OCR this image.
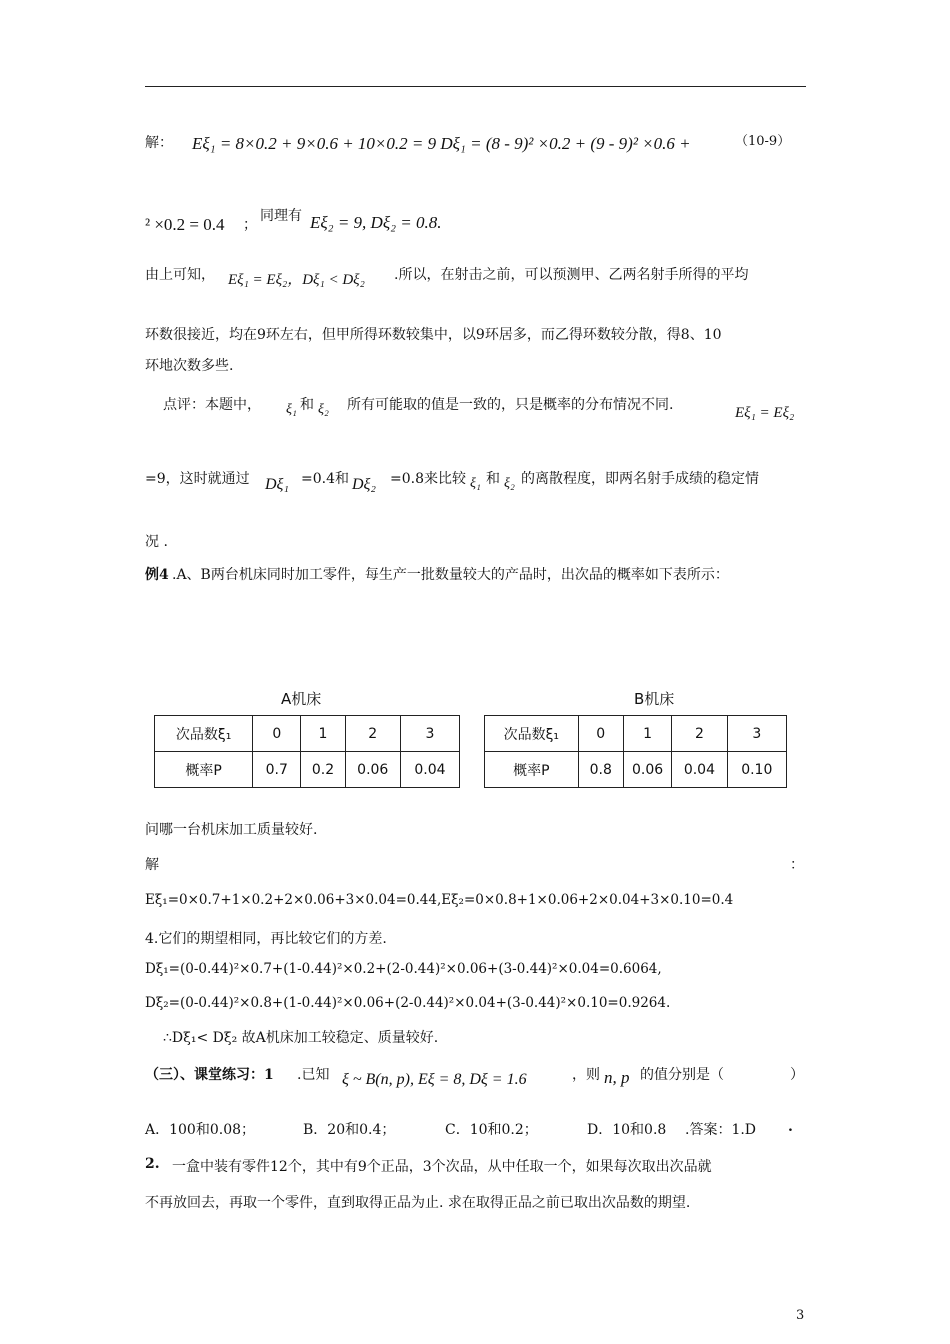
解： Eξ₁ = 8×0.2 + 9×0.6 + 10×0.2 = 9 Dξ₁ = (8 - 9)² ×0.2 + (9 - 9)² ×0.6 +	（10-9）
² ×0.2 = 0.4 ；
同理有 Eξ₂ = 9, Dξ₂ = 0.8.
由上可知， Eξ₁ = Eξ₂，Dξ₁ < Dξ₂ .所以，在射击之前，可以预测甲、乙两名射手所得的平均
环数很接近，均在9环左右，但甲所得环数较集中，以9环居多，而乙得环数较分散，得8、10
环地次数多些.
点评：本题中， ξ₁ 和 ξ₂ 所有可能取的值是一致的，只是概率的分布情况不同.	Eξ₁ = Eξ₂
=9，这时就通过 Dξ₁ =0.4和 Dξ₂ =0.8来比较 ξ₁ 和 ξ₂ 的离散程度，即两名射手成绩的稳定情
况 .
例4 .A、B两台机床同时加工零件，每生产一批数量较大的产品时，出次品的概率如下表所示：
A机床
次品数ξ₁	0	1	2	3
概率P	0.7	0.2	0.06	0.04
B机床
次品数ξ₁	0	1	2	3
概率P	0.8	0.06	0.04	0.10
问哪一台机床加工质量较好.
解	：
Eξ₁=0×0.7+1×0.2+2×0.06+3×0.04=0.44,Eξ₂=0×0.8+1×0.06+2×0.04+3×0.10=0.4
4.它们的期望相同，再比较它们的方差.
Dξ₁=(0-0.44)²×0.7+(1-0.44)²×0.2+(2-0.44)²×0.06+(3-0.44)²×0.04=0.6064,
Dξ₂=(0-0.44)²×0.8+(1-0.44)²×0.06+(2-0.44)²×0.04+(3-0.44)²×0.10=0.9264.
∴Dξ₁< Dξ₂ 故A机床加工较稳定、质量较好.
（三）、课堂练习：1 .已知 ξ ~ B(n, p), Eξ = 8, Dξ = 1.6	，则 n, p 的值分别是（	）
A．100和0.08；	B．20和0.4；	C．10和0.2；	D．10和0.8 .答案：1.D .
2. 一盒中装有零件12个，其中有9个正品，3个次品，从中任取一个，如果每次取出次品就
不再放回去，再取一个零件，直到取得正品为止. 求在取得正品之前已取出次品数的期望.
3
